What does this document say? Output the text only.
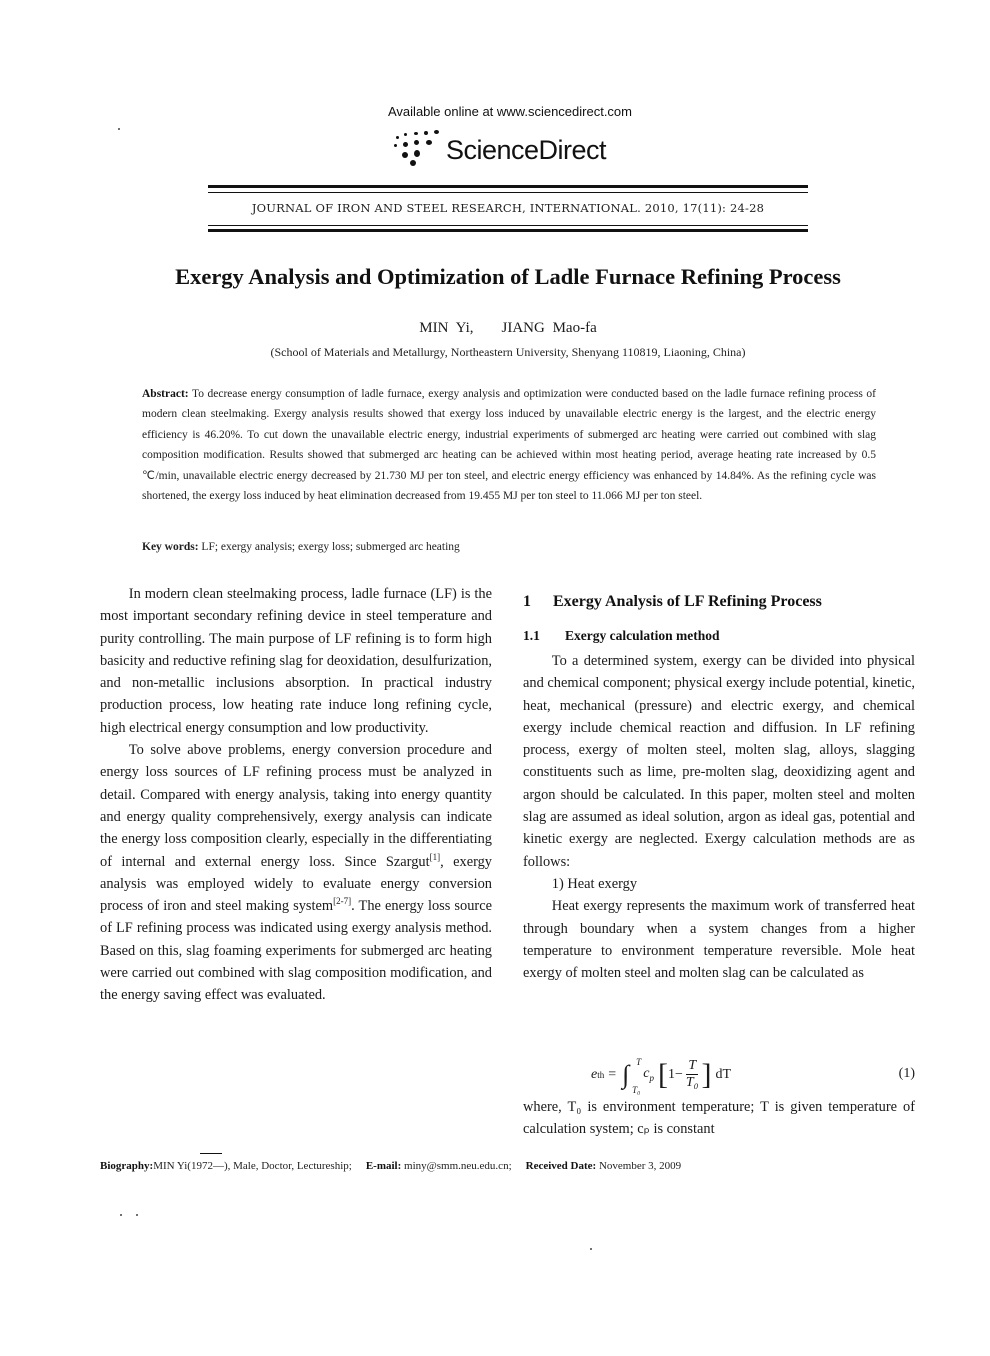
Available online at www.sciencedirect.com
ScienceDirect
JOURNAL OF IRON AND STEEL RESEARCH, INTERNATIONAL. 2010, 17(11): 24-28
Exergy Analysis and Optimization of Ladle Furnace Refining Process
MIN Yi, JIANG Mao-fa
(School of Materials and Metallurgy, Northeastern University, Shenyang 110819, Liaoning, China)
Abstract: To decrease energy consumption of ladle furnace, exergy analysis and optimization were conducted based on the ladle furnace refining process of modern clean steelmaking. Exergy analysis results showed that exergy loss induced by unavailable electric energy is the largest, and the electric energy efficiency is 46.20%. To cut down the unavailable electric energy, industrial experiments of submerged arc heating were carried out combined with slag composition modification. Results showed that submerged arc heating can be achieved within most heating period, average heating rate increased by 0.5 ℃/min, unavailable electric energy decreased by 21.730 MJ per ton steel, and electric energy efficiency was enhanced by 14.84%. As the refining cycle was shortened, the exergy loss induced by heat elimination decreased from 19.455 MJ per ton steel to 11.066 MJ per ton steel.
Key words: LF; exergy analysis; exergy loss; submerged arc heating

In modern clean steelmaking process, ladle furnace (LF) is the most important secondary refining device in steel temperature and purity controlling. The main purpose of LF refining is to form high basicity and reductive refining slag for deoxidation, desulfurization, and non-metallic inclusions absorption. In practical industry production process, low heating rate induce long refining cycle, high electrical energy consumption and low productivity.

To solve above problems, energy conversion procedure and energy loss sources of LF refining process must be analyzed in detail. Compared with energy analysis, taking into energy quantity and energy quality comprehensively, exergy analysis can indicate the energy loss composition clearly, especially in the differentiating of internal and external energy loss. Since Szargut[1], exergy analysis was employed widely to evaluate energy conversion process of iron and steel making system[2-7]. The energy loss source of LF refining process was indicated using exergy analysis method. Based on this, slag foaming experiments for submerged arc heating were carried out combined with slag composition modification, and the energy saving effect was evaluated.

1 Exergy Analysis of LF Refining Process
1.1 Exergy calculation method

To a determined system, exergy can be divided into physical and chemical component; physical exergy include potential, kinetic, heat, mechanical (pressure) and electric exergy, and chemical exergy include chemical reaction and diffusion. In LF refining process, exergy of molten steel, molten slag, alloys, slagging constituents such as lime, pre-molten slag, deoxidizing agent and argon should be calculated. In this paper, molten steel and molten slag are assumed as ideal solution, argon as ideal gas, potential and kinetic exergy are neglected. Exergy calculation methods are as follows:

1) Heat exergy

Heat exergy represents the maximum work of transferred heat through boundary when a system changes from a higher temperature to environment temperature reversible. Mole heat exergy of molten steel and molten slag can be calculated as

e th = ∫ T
T₀
$c_p$ [ $1- \frac{T}{\text{T₀}}$ ] dT	(1)

where, T₀ is environment temperature; T is given temperature of calculation system; cₚ is constant

Biography:MIN Yi(1972—), Male, Doctor, Lectureship; E-mail: miny@smm.neu.edu.cn; Received Date: November 3, 2009
